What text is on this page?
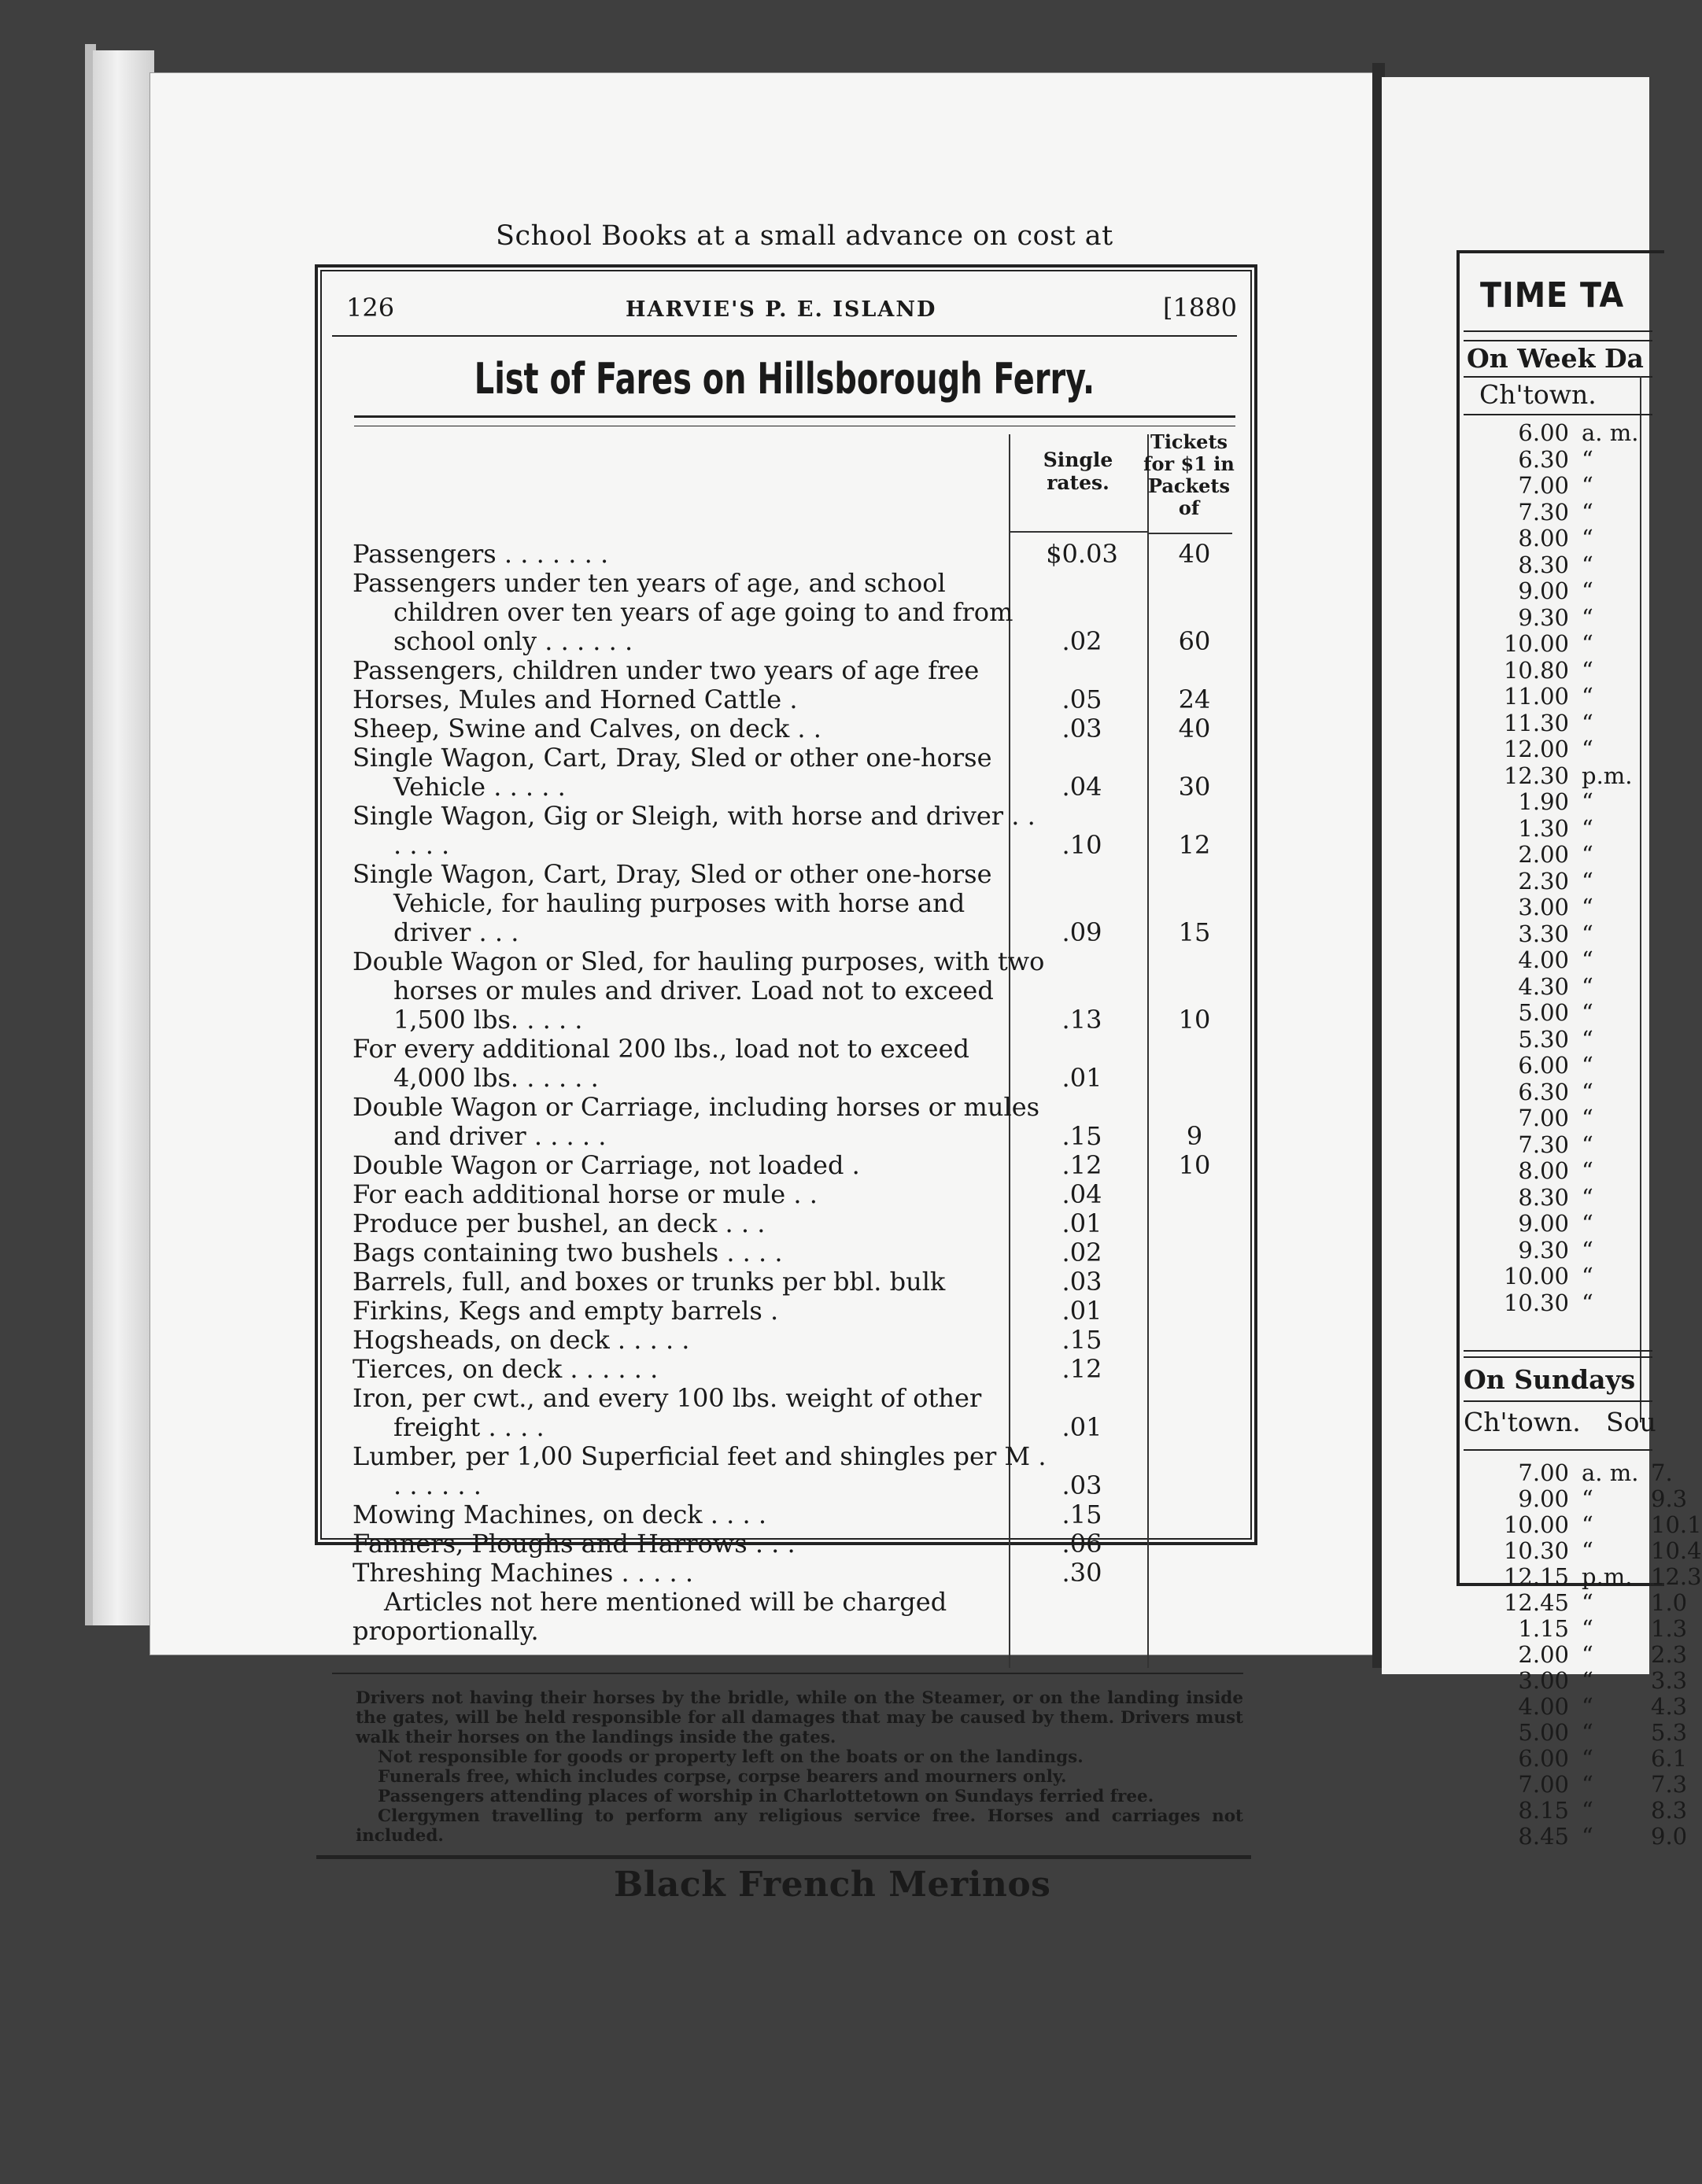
School Books at a small advance on cost at
126	HARVIE'S P. E. ISLAND	[1880
List of Fares on Hillsborough Ferry.
Single rates.
Tickets for $1 in Packets of
Passengers . . . . . . .	$0.03	40
Passengers under ten years of age, and school children over ten years of age going to and from school only . . . . . .	.02	60
Passengers, children under two years of age free
Horses, Mules and Horned Cattle .	.05	24
Sheep, Swine and Calves, on deck . .	.03	40
Single Wagon, Cart, Dray, Sled or other one-horse Vehicle . . . . .	.04	30
Single Wagon, Gig or Sleigh, with horse and driver . . . . . .	.10	12
Single Wagon, Cart, Dray, Sled or other one-horse Vehicle, for hauling purposes with horse and driver . . .	.09	15
Double Wagon or Sled, for hauling purposes, with two horses or mules and driver. Load not to exceed 1,500 lbs. . . . .	.13	10
For every additional 200 lbs., load not to exceed 4,000 lbs. . . . . .	.01
Double Wagon or Carriage, including horses or mules and driver . . . . .	.15	9
Double Wagon or Carriage, not loaded .	.12	10
For each additional horse or mule . .	.04
Produce per bushel, an deck . . .	.01
Bags containing two bushels . . . .	.02
Barrels, full, and boxes or trunks per bbl. bulk	.03
Firkins, Kegs and empty barrels .	.01
Hogsheads, on deck . . . . .	.15
Tierces, on deck . . . . . .	.12
Iron, per cwt., and every 100 lbs. weight of other freight . . . .	.01
Lumber, per 1,00 Superficial feet and shingles per M . . . . . . .	.03
Mowing Machines, on deck . . . .	.15
Fanners, Ploughs and Harrows . . .	.06
Threshing Machines . . . . .	.30
Articles not here mentioned will be charged proportionally.

Drivers not having their horses by the bridle, while on the Steamer, or on the landing inside the gates, will be held responsible for all damages that may be caused by them. Drivers must walk their horses on the landings inside the gates.

Not responsible for goods or property left on the boats or on the landings.

Funerals free, which includes corpse, corpse bearers and mourners only.

Passengers attending places of worship in Charlottetown on Sundays ferried free.

Clergymen travelling to perform any religious service free. Horses and carriages not included.

Black French Merinos
TIME TA
On Week Da
Ch'town.
6.00 a. m.
6.30 “
7.00 “
7.30 “
8.00 “
8.30 “
9.00 “
9.30 “
10.00 “
10.80 “
11.00 “
11.30 “
12.00 “
12.30 p.m.
1.90 “
1.30 “
2.00 “
2.30 “
3.00 “
3.30 “
4.00 “
4.30 “
5.00 “
5.30 “
6.00 “
6.30 “
7.00 “
7.30 “
8.00 “
8.30 “
9.00 “
9.30 “
10.00 “
10.30 “
On Sundays
Ch'town. Sou
7.00 a. m. 7.
9.00 “	9.3
10.00 “	10.1
10.30 “	10.4
12.15 p.m. 12.3
12.45 “	1.0
1.15 “	1.3
2.00 “	2.3
3.00 “	3.3
4.00 “	4.3
5.00 “	5.3
6.00 “	6.1
7.00 “	7.3
8.15 “	8.3
8.45 “	9.0
